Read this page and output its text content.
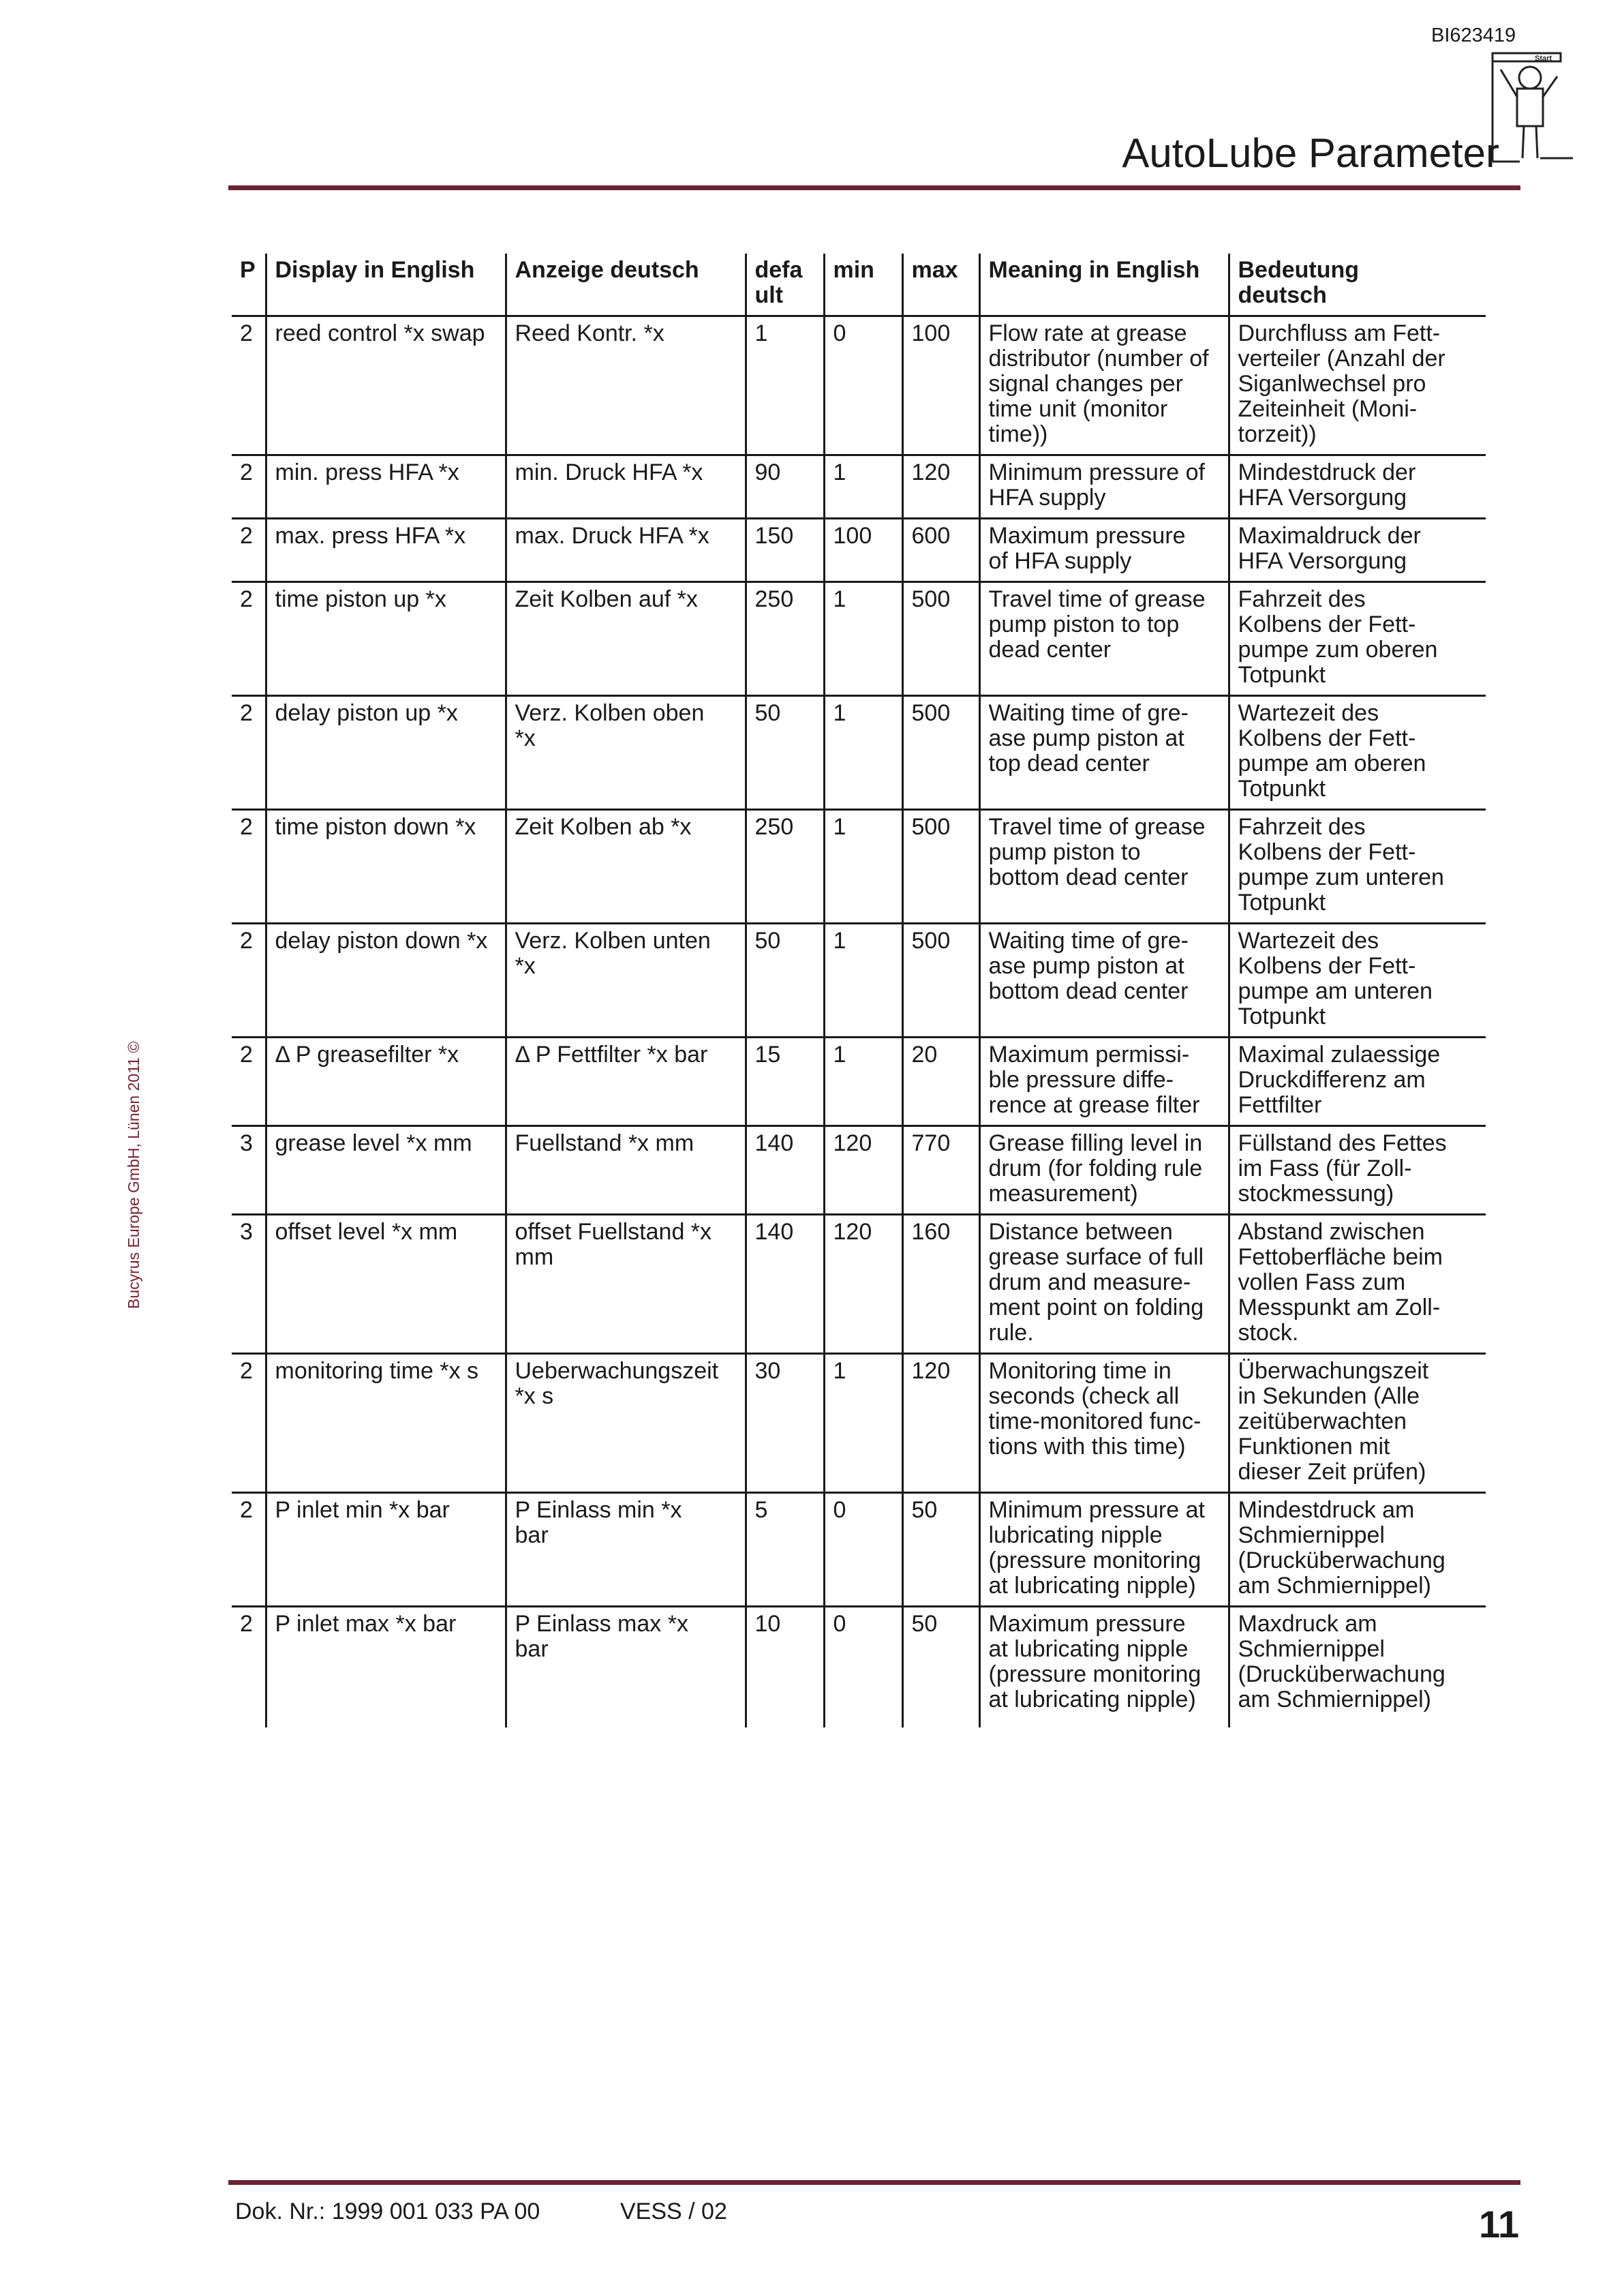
BI623419
Start
AutoLube Parameter
Bucyrus Europe GmbH, Lünen 2011 ©
P	Display in English	Anzeige deutsch	defa
ult	min	max	Meaning in English	Bedeutung
deutsch
2	reed control *x swap	Reed Kontr. *x	1	0	100	Flow rate at grease
distributor (number of
signal changes per
time unit (monitor
time))	Durchfluss am Fett-
verteiler (Anzahl der
Siganlwechsel pro
Zeiteinheit (Moni-
torzeit))
2	min. press HFA *x	min. Druck HFA *x	90	1	120	Minimum pressure of
HFA supply	Mindestdruck der
HFA Versorgung
2	max. press HFA *x	max. Druck HFA *x	150	100	600	Maximum pressure
of HFA supply	Maximaldruck der
HFA Versorgung
2	time piston up *x	Zeit Kolben auf *x	250	1	500	Travel time of grease
pump piston to top
dead center	Fahrzeit des
Kolbens der Fett-
pumpe zum oberen
Totpunkt
2	delay piston up *x	Verz. Kolben oben
*x	50	1	500	Waiting time of gre-
ase pump piston at
top dead center	Wartezeit des
Kolbens der Fett-
pumpe am oberen
Totpunkt
2	time piston down *x	Zeit Kolben ab *x	250	1	500	Travel time of grease
pump piston to
bottom dead center	Fahrzeit des
Kolbens der Fett-
pumpe zum unteren
Totpunkt
2	delay piston down *x	Verz. Kolben unten
*x	50	1	500	Waiting time of gre-
ase pump piston at
bottom dead center	Wartezeit des
Kolbens der Fett-
pumpe am unteren
Totpunkt
2	Δ P greasefilter *x	Δ P Fettfilter *x bar	15	1	20	Maximum permissi-
ble pressure diffe-
rence at grease filter	Maximal zulaessige
Druckdifferenz am
Fettfilter
3	grease level *x mm	Fuellstand *x mm	140	120	770	Grease filling level in
drum (for folding rule
measurement)	Füllstand des Fettes
im Fass (für Zoll-
stockmessung)
3	offset level *x mm	offset Fuellstand *x
mm	140	120	160	Distance between
grease surface of full
drum and measure-
ment point on folding
rule.	Abstand zwischen
Fettoberfläche beim
vollen Fass zum
Messpunkt am Zoll-
stock.
2	monitoring time *x s	Ueberwachungszeit
*x s	30	1	120	Monitoring time in
seconds (check all
time-monitored func-
tions with this time)	Überwachungszeit
in Sekunden (Alle
zeitüberwachten
Funktionen mit
dieser Zeit prüfen)
2	P inlet min *x bar	P Einlass min *x
bar	5	0	50	Minimum pressure at
lubricating nipple
(pressure monitoring
at lubricating nipple)	Mindestdruck am
Schmiernippel
(Drucküberwachung
am Schmiernippel)
2	P inlet max *x bar	P Einlass max *x
bar	10	0	50	Maximum pressure
at lubricating nipple
(pressure monitoring
at lubricating nipple)	Maxdruck am
Schmiernippel
(Drucküberwachung
am Schmiernippel)
Dok. Nr.: 1999 001 033 PA 00	VESS / 02	11
